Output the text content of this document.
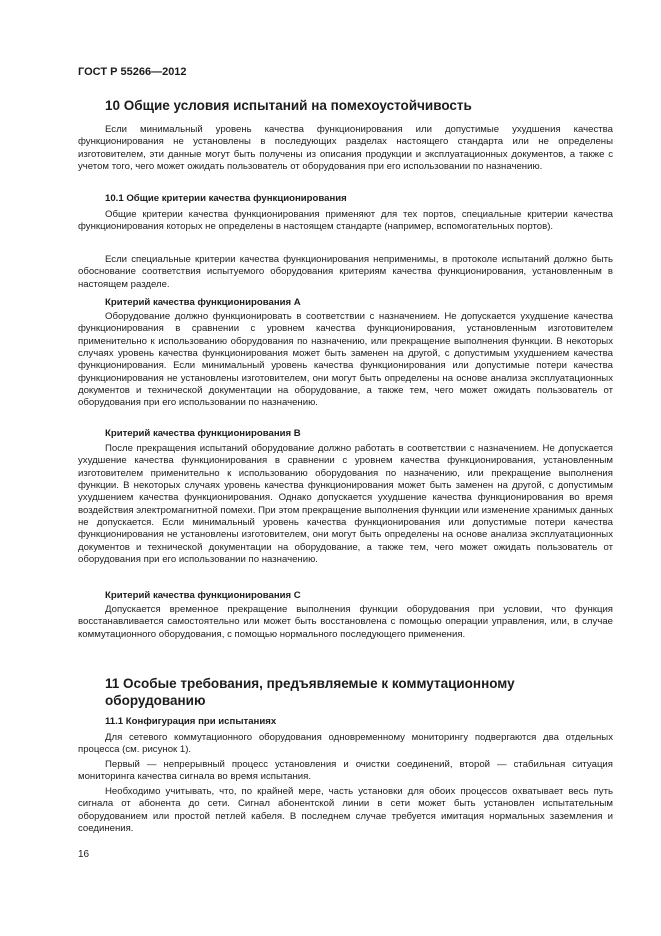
ГОСТ Р 55266—2012
10 Общие условия испытаний на помехоустойчивость

Если минимальный уровень качества функционирования или допустимые ухудшения качества функционирования не установлены в последующих разделах настоящего стандарта или не определены изготовителем, эти данные могут быть получены из описания продукции и эксплуатационных документов, а также с учетом того, чего может ожидать пользователь от оборудования при его использовании по назначению.

10.1 Общие критерии качества функционирования

Общие критерии качества функционирования применяют для тех портов, специальные критерии качества функционирования которых не определены в настоящем стандарте (например, вспомогательных портов).

Если специальные критерии качества функционирования неприменимы, в протоколе испытаний должно быть обоснование соответствия испытуемого оборудования критериям качества функционирования, установленным в настоящем разделе.

Критерий качества функционирования А

Оборудование должно функционировать в соответствии с назначением. Не допускается ухудшение качества функционирования в сравнении с уровнем качества функционирования, установленным изготовителем применительно к использованию оборудования по назначению, или прекращение выполнения функции. В некоторых случаях уровень качества функционирования может быть заменен на другой, с допустимым ухудшением качества функционирования. Если минимальный уровень качества функционирования или допустимые потери качества функционирования не установлены изготовителем, они могут быть определены на основе анализа эксплуатационных документов и технической документации на оборудование, а также тем, чего может ожидать пользователь от оборудования при его использовании по назначению.

Критерий качества функционирования В

После прекращения испытаний оборудование должно работать в соответствии с назначением. Не допускается ухудшение качества функционирования в сравнении с уровнем качества функционирования, установленным изготовителем применительно к использованию оборудования по назначению, или прекращение выполнения функции. В некоторых случаях уровень качества функционирования может быть заменен на другой, с допустимым ухудшением качества функционирования. Однако допускается ухудшение качества функционирования во время воздействия электромагнитной помехи. При этом прекращение выполнения функции или изменение хранимых данных не допускается. Если минимальный уровень качества функционирования или допустимые потери качества функционирования не установлены изготовителем, они могут быть определены на основе анализа эксплуатационных документов и технической документации на оборудование, а также тем, чего может ожидать пользователь от оборудования при его использовании по назначению.

Критерий качества функционирования С

Допускается временное прекращение выполнения функции оборудования при условии, что функция восстанавливается самостоятельно или может быть восстановлена с помощью операции управления, или, в случае коммутационного оборудования, с помощью нормального последующего применения.

11 Особые требования, предъявляемые к коммутационному оборудованию
11.1 Конфигурация при испытаниях

Для сетевого коммутационного оборудования одновременному мониторингу подвергаются два отдельных процесса (см. рисунок 1).

Первый — непрерывный процесс установления и очистки соединений, второй — стабильная ситуация мониторинга качества сигнала во время испытания.

Необходимо учитывать, что, по крайней мере, часть установки для обоих процессов охватывает весь путь сигнала от абонента до сети. Сигнал абонентской линии в сети может быть установлен испытательным оборудованием или простой петлей кабеля. В последнем случае требуется имитация нормальных заземления и соединения.

16
